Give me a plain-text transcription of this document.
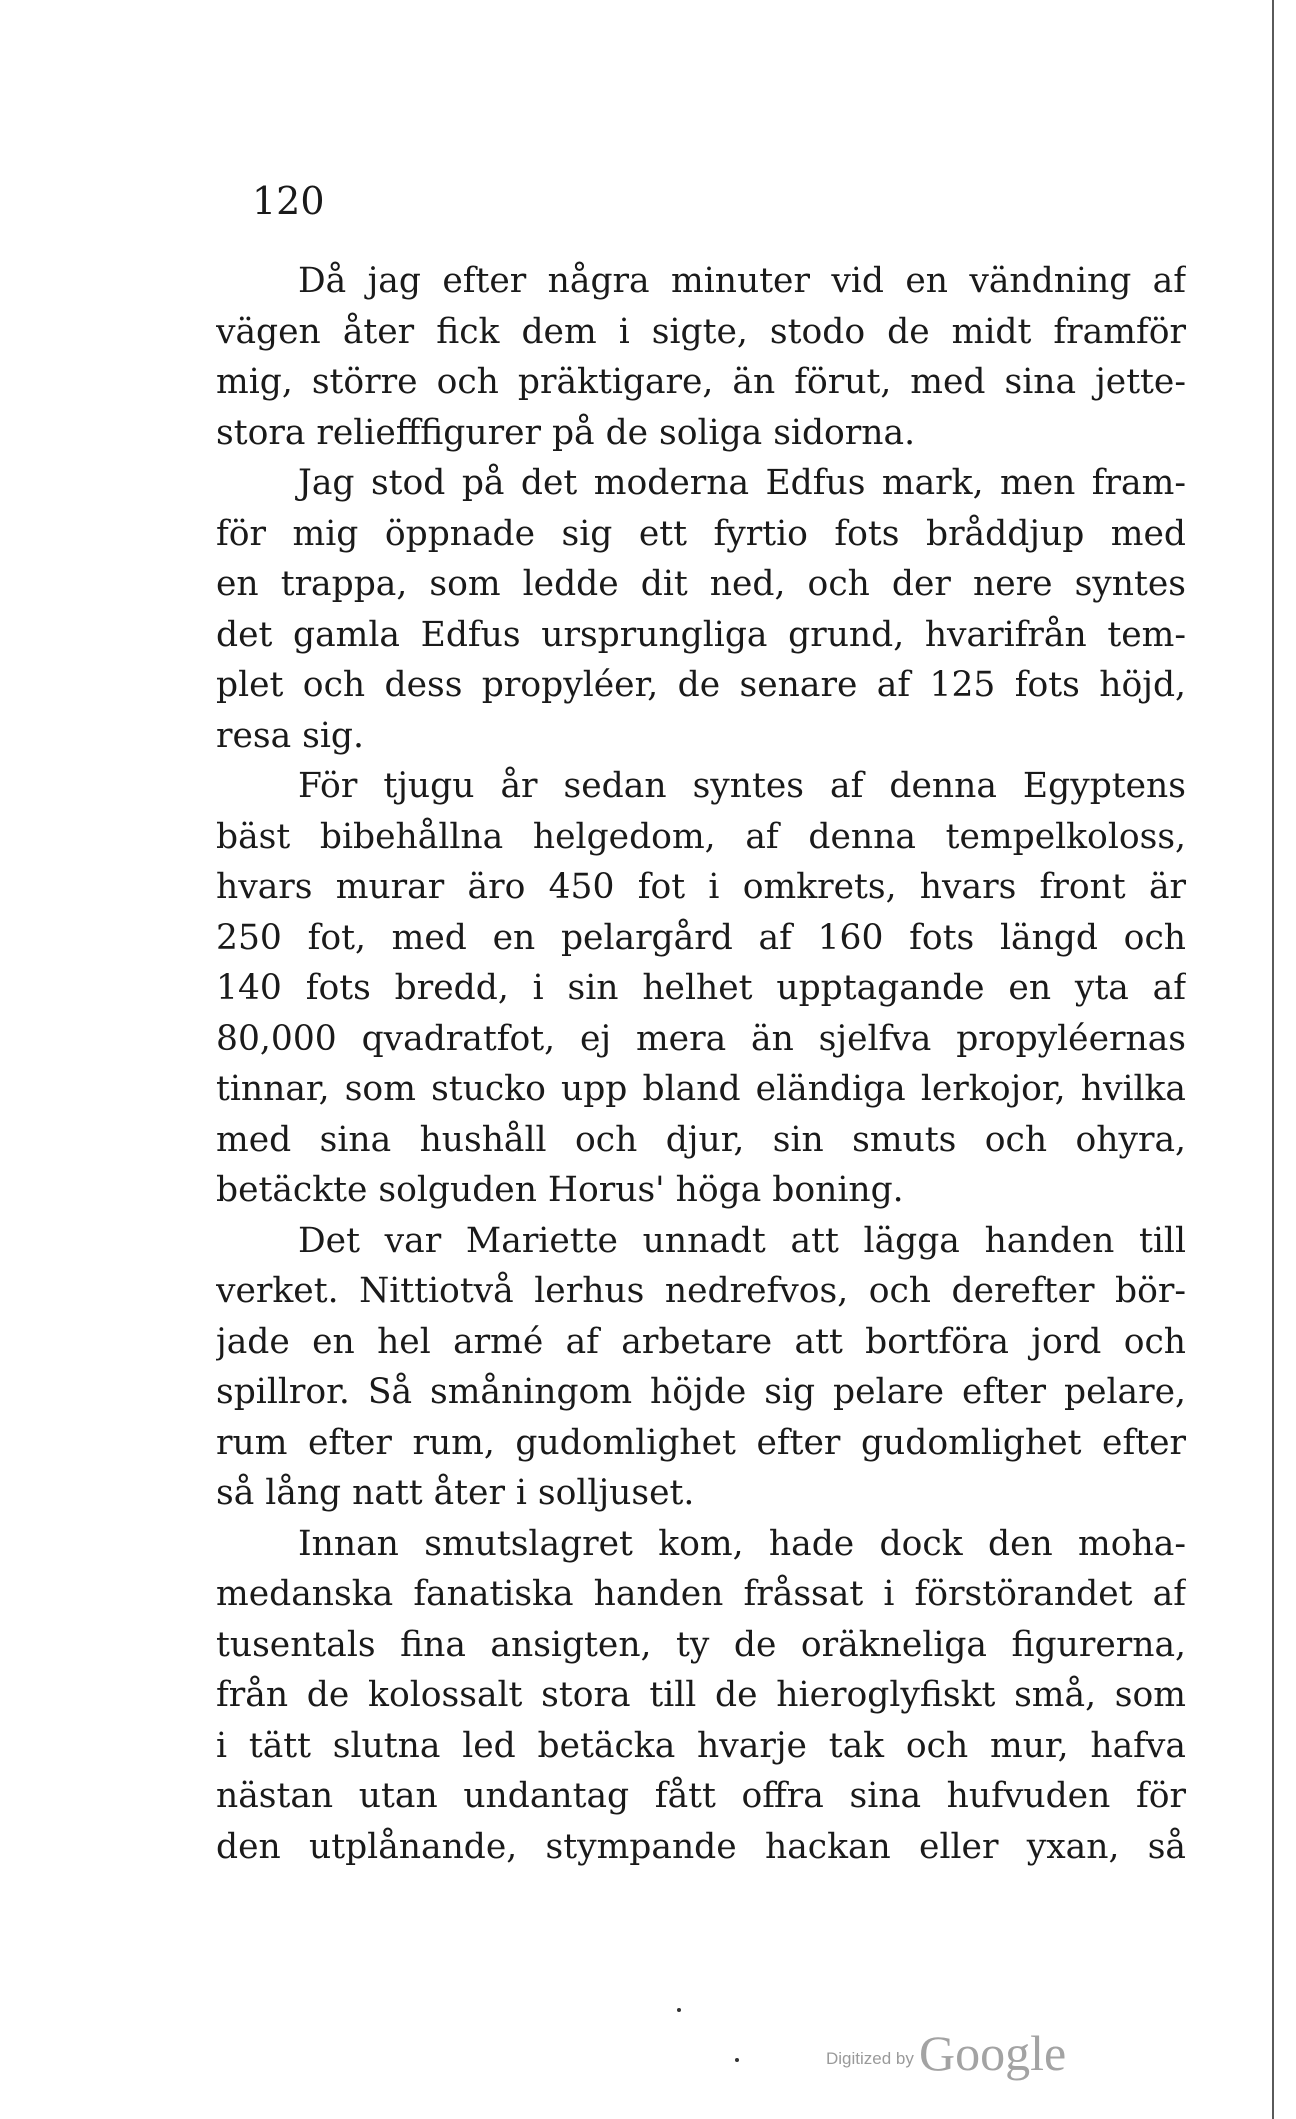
120
Då jag efter några minuter vid en vändning af
vägen åter fick dem i sigte, stodo de midt framför
mig, större och präktigare, än förut, med sina jette-
stora reliefffigurer på de soliga sidorna.
Jag stod på det moderna Edfus mark, men fram-
för mig öppnade sig ett fyrtio fots bråddjup med
en trappa, som ledde dit ned, och der nere syntes
det gamla Edfus ursprungliga grund, hvarifrån tem-
plet och dess propyléer, de senare af 125 fots höjd,
resa sig.
För tjugu år sedan syntes af denna Egyptens
bäst bibehållna helgedom, af denna tempelkoloss,
hvars murar äro 450 fot i omkrets, hvars front är
250 fot, med en pelargård af 160 fots längd och
140 fots bredd, i sin helhet upptagande en yta af
80,000 qvadratfot, ej mera än sjelfva propyléernas
tinnar, som stucko upp bland eländiga lerkojor, hvilka
med sina hushåll och djur, sin smuts och ohyra,
betäckte solguden Horus' höga boning.
Det var Mariette unnadt att lägga handen till
verket. Nittiotvå lerhus nedrefvos, och derefter bör-
jade en hel armé af arbetare att bortföra jord och
spillror. Så småningom höjde sig pelare efter pelare,
rum efter rum, gudomlighet efter gudomlighet efter
så lång natt åter i solljuset.
Innan smutslagret kom, hade dock den moha-
medanska fanatiska handen fråssat i förstörandet af
tusentals fina ansigten, ty de oräkneliga figurerna,
från de kolossalt stora till de hieroglyfiskt små, som
i tätt slutna led betäcka hvarje tak och mur, hafva
nästan utan undantag fått offra sina hufvuden för
den utplånande, stympande hackan eller yxan, så
Digitized by Google
